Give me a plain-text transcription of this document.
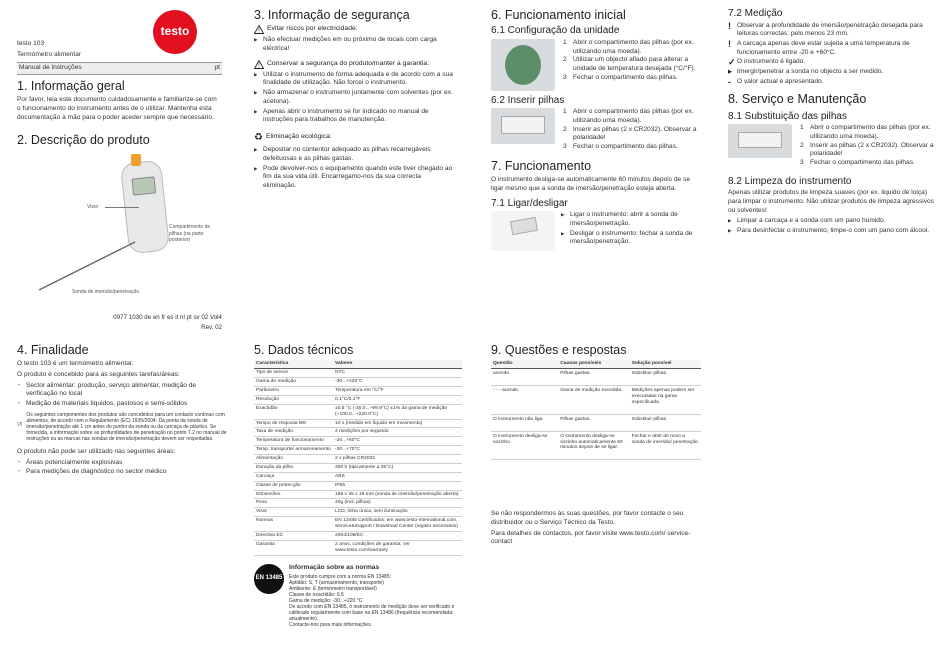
testo

testo 103

Termómetro alimentar

Manual de instruções	pt
1. Informação geral

Por favor, leia este documento cuidadosamente e familiarize-se com o funcionamento do instrumento antes de o utilizar. Mantenha esta documentação à mão para o poder aceder sempre que necessário.

2. Descrição do produto
Visor
Compartimento de pilhas (na parte posterior)
Sonda de imersão/penetração.

0977 1030 de en fr es it nl pt sv 02 Vol4

Rev. 02

3. Informação de segurança
! Evitar riscos por electricidade:
▶ Não efectuar medições em ou próximo de locais com carga eléctrica!
! Conservar a segurança do produto/manter a garantia:
▶ Utilizar o instrumento de forma adequada e de acordo com a sua finalidade de utilização. Não forcei o instrumento.
▶ Não armazenar o instrumento juntamente com solventes (por ex. acetona).
▶ Apenas abrir o instrumento se for indicado no manual de instruções para trabalhos de manutenção.
♻ Eliminação ecológica:
▶ Depositar no contentor adequado as pilhas recarregáveis defeituosas e as pilhas gastas.
▶ Pode devolver-nos o equipamento quando este tiver chegado ao fim da sua vida útil. Encarregamo-nos da sua correcta eliminação.
6. Funcionamento inicial
6.1 Configuração da unidade
1 Abrir o compartimento das pilhas (por ex. utilizando uma moeda).
2 Utilizar um objecto afiado para alterar a unidade de temperatura desejada (°C/°F).
3 Fechar o compartimento das pilhas.
6.2 Inserir pilhas
1 Abrir o compartimento das pilhas (por ex. utilizando uma moeda).
2 Inserir as pilhas (2 x CR2032). Observar a polaridade!
3 Fechar o compartimento das pilhas.
7. Funcionamento

O instrumento desliga-se automaticamente 60 minutos depois de se ligar mesmo que a sonda de imersão/penetração esteja aberta.

7.1 Ligar/desligar
▶ Ligar o instrumento: abrir a sonda de imersão/penetração.
▶ Desligar o instrumento: fechar a sonda de imersão/penetração.
7.2 Medição
! Observar a profundidade de imersão/penetração desejada para leituras correctas: pelo menos 23 mm.
! A carcaça apenas deve estar sujeita a uma temperatura de funcionamento entre -20 e +60°C.
✓ O instrumento é ligado.
▶ Imergir/penetrar a sonda no objecto a ser medido.
- O valor actual é apresentado.
8. Serviço e Manutenção
8.1 Substituição das pilhas
1 Abrir o compartimento das pilhas (por ex. utilizando uma moeda).
2 Inserir as pilhas (2 x CR2032). Observar a polaridade!
3 Fechar o compartimento das pilhas.
8.2 Limpeza do instrumento

Apenas utilizar produtos de limpeza suaves (por ex. liquido de loiça) para limpar o instrumento. Não utilizar produtos de limpeza agressivos ou solventes!

▶ Limpar a carcaça e a sonda com um pano húmido.
▶ Para desinfectar o instrumento, limpe-o com um pano com álcool.
4. Finalidade

O testo 103 é um termómetro alimentar.

O produto é concebido para as seguintes tarefas/áreas:

- Sector alimentar: produção, serviço alimentar, medição de verificação no local
- Medição de materiais líquidos, pastosos e semi-sólidos

Os seguintes componentes dos produtos são concebidos para um contacto contínuo com alimentos, de acordo com o Regulamento (EC) 1935/2004: Da ponta da sonda de imersão/penetração até 1 cm antes do punho da sonda ou da carcaça de plástico. Se fornecida, a informação sobre as profundidades de penetração no ponto 7.2 no manual de instruções ou as marcas nas sondas de imersão/penetração devem ser respeitadas.

O produto não pode ser utilizado nas seguintes áreas:

- Áreas potencialmente explosivas
- Para medições de diagnóstico no sector médico
5. Dados técnicos
Característica	Valores
Tipo de sensor	NTC
Gama de medição	-30...+220°C
Parâmetro	Temperatura em °C/°F
Resolução	0.1°C/0.1°F
Exactidão	±0.5 °C (-30.0...+99.9°C) ±1% da gama de medição (+100.0...+220.0°C)
Tempo de resposta t99	10 s (medido em líquido em movimento)
Taxa de medição	2 medições por segundo
Temperatura de funcionamento	-20...+60°C
Temp. transporte/ armazenamento	-30...+70°C
Alimentação	2 x pilhas CR2032
Duração da pilha	300 h (tipicamente a 25°C)
Carcaça	ABS
Classe de protecção	IP55
Dimensões	189 x 35 x 19 mm (sonda de imersão/penetração aberta)
Peso	40g (incl. pilhas)
Visor	LCD, linha única, sem iluminação
Normas	EN 13485 Certificados: em www.testo-international.com, Service&Support / Download Center (registo necessário)
Directiva EC	2004/108/EC
Garantia	2 anos, condições de garantia: ver www.testo.com/warranty
EN 13485

Informação sobre as normas

Este produto cumpre com a norma EN 13485:
Aptidão: S, T (armazenamento, transporte)
Ambiente: E (termómetro transportável)
Classe de exactidão: 0.5
Gama de medição: -30...+220 °C
De acordo com EN 13485, o instrumento de medição deve ser verificado e calibrado regularmente com base na EN 13486 (frequência recomendada: anualmente).
Contacte-nos para mais informações.
9. Questões e respostas
Questão	Causas possíveis	Solução possível
acende.	Pilhas gastas.	Substituir pilhas.
- - - acende.	Gama de medição excedida.	Medições apenas podem ser executadas na gama especificada.
O instrumento não liga.	Pilhas gastas.	Substituir pilhas.
O instrumento desliga-se sozinho.	O instrumento desliga-se sozinho automaticamente 60 minutos depois de se ligar.	Fechar e abrir de novo a sonda de imersão/ penetração.

Se não respondermos às suas questões, por favor contacte o seu distribuidor ou o Serviço Técnico da Testo.

Para detalhes de contactos, por favor visite www.testo.com/ service-contact
